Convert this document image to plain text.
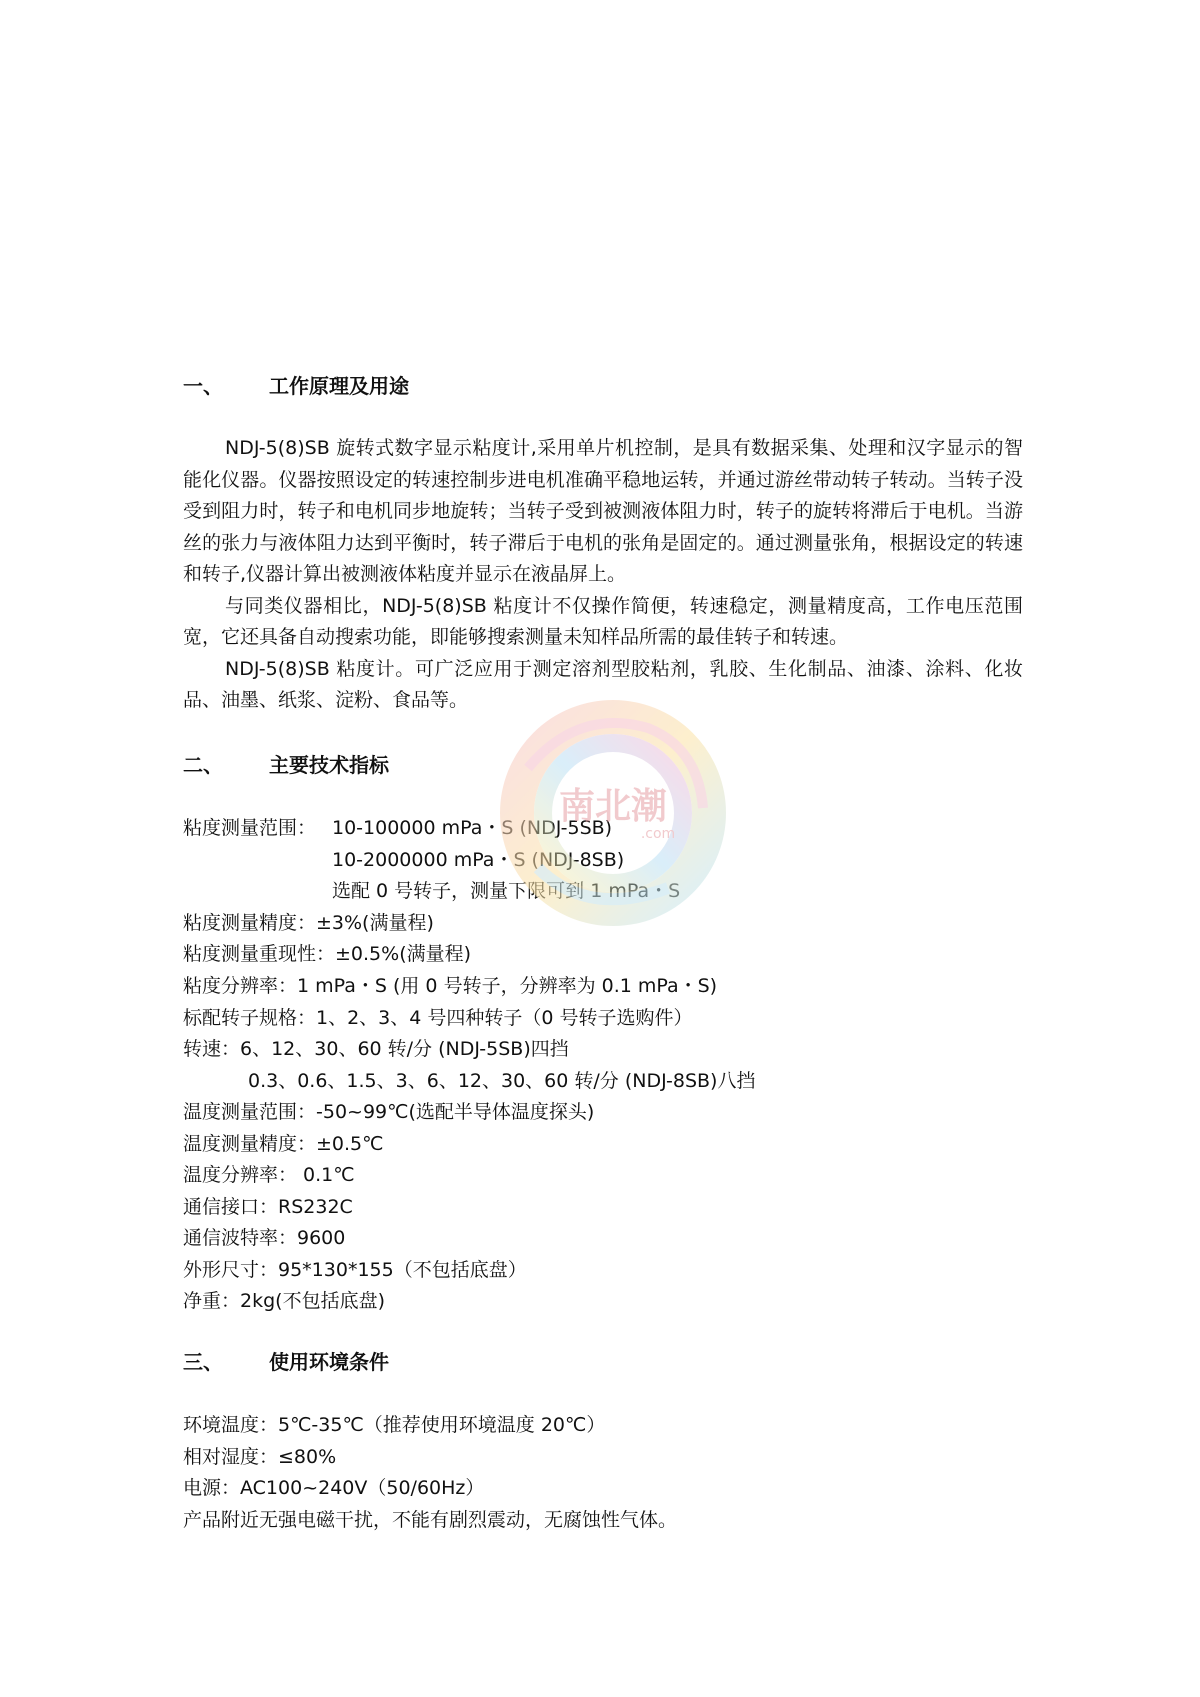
一、 工作原理及用途

NDJ-5(8)SB 旋转式数字显示粘度计,采用单片机控制，是具有数据采集、处理和汉字显示的智能化仪器。仪器按照设定的转速控制步进电机准确平稳地运转，并通过游丝带动转子转动。当转子没受到阻力时，转子和电机同步地旋转；当转子受到被测液体阻力时，转子的旋转将滞后于电机。当游丝的张力与液体阻力达到平衡时，转子滞后于电机的张角是固定的。通过测量张角，根据设定的转速和转子,仪器计算出被测液体粘度并显示在液晶屏上。

与同类仪器相比，NDJ-5(8)SB 粘度计不仅操作简便，转速稳定，测量精度高，工作电压范围宽，它还具备自动搜索功能，即能够搜索测量未知样品所需的最佳转子和转速。

NDJ-5(8)SB 粘度计。可广泛应用于测定溶剂型胶粘剂，乳胶、生化制品、油漆、涂料、化妆品、油墨、纸浆、淀粉、食品等。

二、 主要技术指标
粘度测量范围： 10-100000 mPa・S (NDJ-5SB)
10-2000000 mPa・S (NDJ-8SB)
选配 0 号转子，测量下限可到 1 mPa・S
粘度测量精度：±3%(满量程)
粘度测量重现性：±0.5%(满量程)
粘度分辨率：1 mPa・S (用 0 号转子，分辨率为 0.1 mPa・S)
标配转子规格：1、2、3、4 号四种转子（0 号转子选购件）
转速：6、12、30、60 转/分 (NDJ-5SB)四挡
0.3、0.6、1.5、3、6、12、30、60 转/分 (NDJ-8SB)八挡
温度测量范围：-50~99℃(选配半导体温度探头)
温度测量精度：±0.5℃
温度分辨率： 0.1℃
通信接口：RS232C
通信波特率：9600
外形尺寸：95*130*155（不包括底盘）
净重：2kg(不包括底盘)
三、 使用环境条件
环境温度：5℃-35℃（推荐使用环境温度 20℃）
相对湿度：≤80%
电源：AC100~240V（50/60Hz）
产品附近无强电磁干扰，不能有剧烈震动，无腐蚀性气体。
南北潮
.com
